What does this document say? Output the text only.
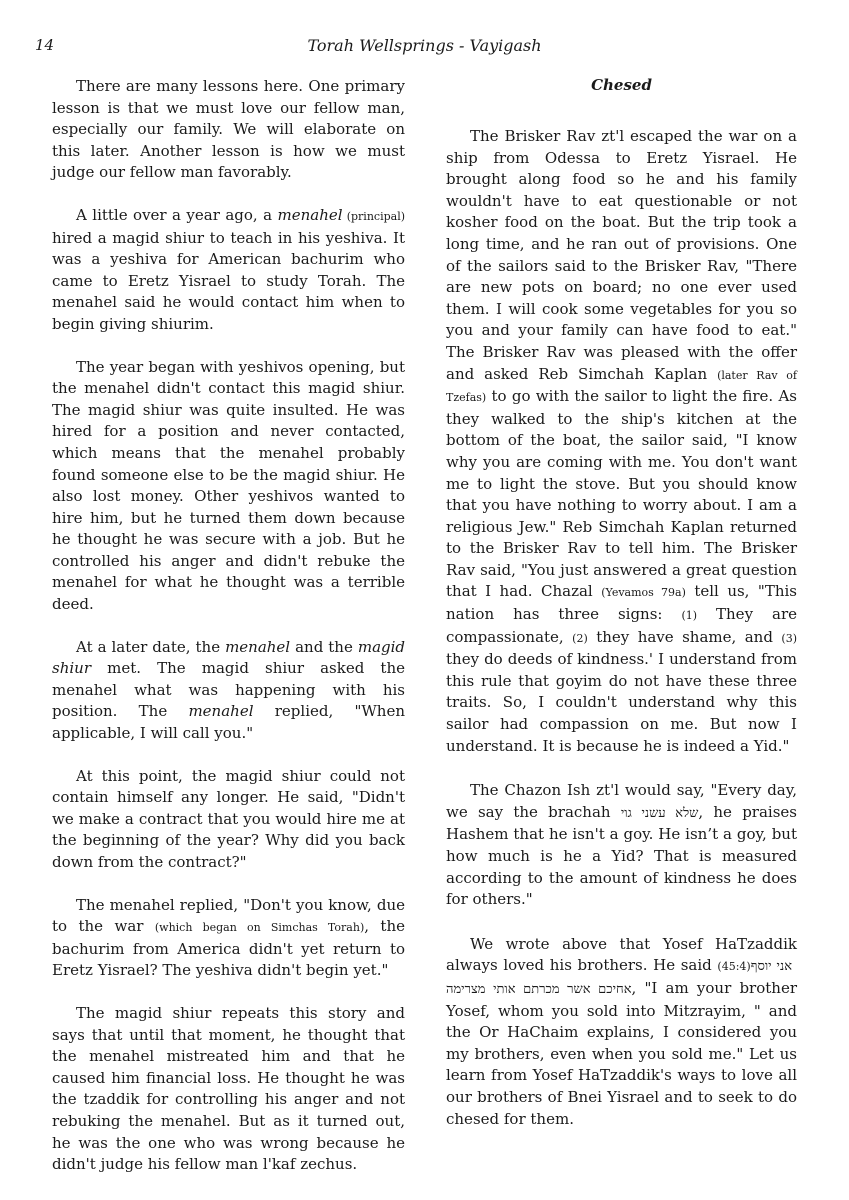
14	Torah Wellsprings - Vayigash

There are many lessons here. One primary lesson is that we must love our fellow man, especially our family. We will elaborate on this later. Another lesson is how we must judge our fellow man favorably.

A little over a year ago, a menahel (principal) hired a magid shiur to teach in his yeshiva. It was a yeshiva for American bachurim who came to Eretz Yisrael to study Torah. The menahel said he would contact him when to begin giving shiurim.

The year began with yeshivos opening, but the menahel didn't contact this magid shiur. The magid shiur was quite insulted. He was hired for a position and never contacted, which means that the menahel probably found someone else to be the magid shiur. He also lost money. Other yeshivos wanted to hire him, but he turned them down because he thought he was secure with a job. But he controlled his anger and didn't rebuke the menahel for what he thought was a terrible deed.

At a later date, the menahel and the magid shiur met. The magid shiur asked the menahel what was happening with his position. The menahel replied, "When applicable, I will call you."

At this point, the magid shiur could not contain himself any longer. He said, "Didn't we make a contract that you would hire me at the beginning of the year? Why did you back down from the contract?"

The menahel replied, "Don't you know, due to the war (which began on Simchas Torah), the bachurim from America didn't yet return to Eretz Yisrael? The yeshiva didn't begin yet."

The magid shiur repeats this story and says that until that moment, he thought that the menahel mistreated him and that he caused him financial loss. He thought he was the tzaddik for controlling his anger and not rebuking the menahel. But as it turned out, he was the one who was wrong because he didn't judge his fellow man l'kaf zechus.

Chesed

The Brisker Rav zt'l escaped the war on a ship from Odessa to Eretz Yisrael. He brought along food so he and his family wouldn't have to eat questionable or not kosher food on the boat. But the trip took a long time, and he ran out of provisions. One of the sailors said to the Brisker Rav, "There are new pots on board; no one ever used them. I will cook some vegetables for you so you and your family can have food to eat." The Brisker Rav was pleased with the offer and asked Reb Simchah Kaplan (later Rav of Tzefas) to go with the sailor to light the fire. As they walked to the ship's kitchen at the bottom of the boat, the sailor said, "I know why you are coming with me. You don't want me to light the stove. But you should know that you have nothing to worry about. I am a religious Jew." Reb Simchah Kaplan returned to the Brisker Rav to tell him. The Brisker Rav said, "You just answered a great question that I had. Chazal (Yevamos 79a) tell us, "This nation has three signs: (1) They are compassionate, (2) they have shame, and (3) they do deeds of kindness.' I understand from this rule that goyim do not have these three traits. So, I couldn't understand why this sailor had compassion on me. But now I understand. It is because he is indeed a Yid."

The Chazon Ish zt'l would say, "Every day, we say the brachah שלא עשני גוי, he praises Hashem that he isn't a goy. He isn’t a goy, but how much is he a Yid? That is measured according to the amount of kindness he does for others."

We wrote above that Yosef HaTzaddik always loved his brothers. He said (45:4) אני יוסף אחיכם אשר מכרתם אותי מצרימה, "I am your brother Yosef, whom you sold into Mitzrayim, " and the Or HaChaim explains, I considered you my brothers, even when you sold me." Let us learn from Yosef HaTzaddik's ways to love all our brothers of Bnei Yisrael and to seek to do chesed for them.
